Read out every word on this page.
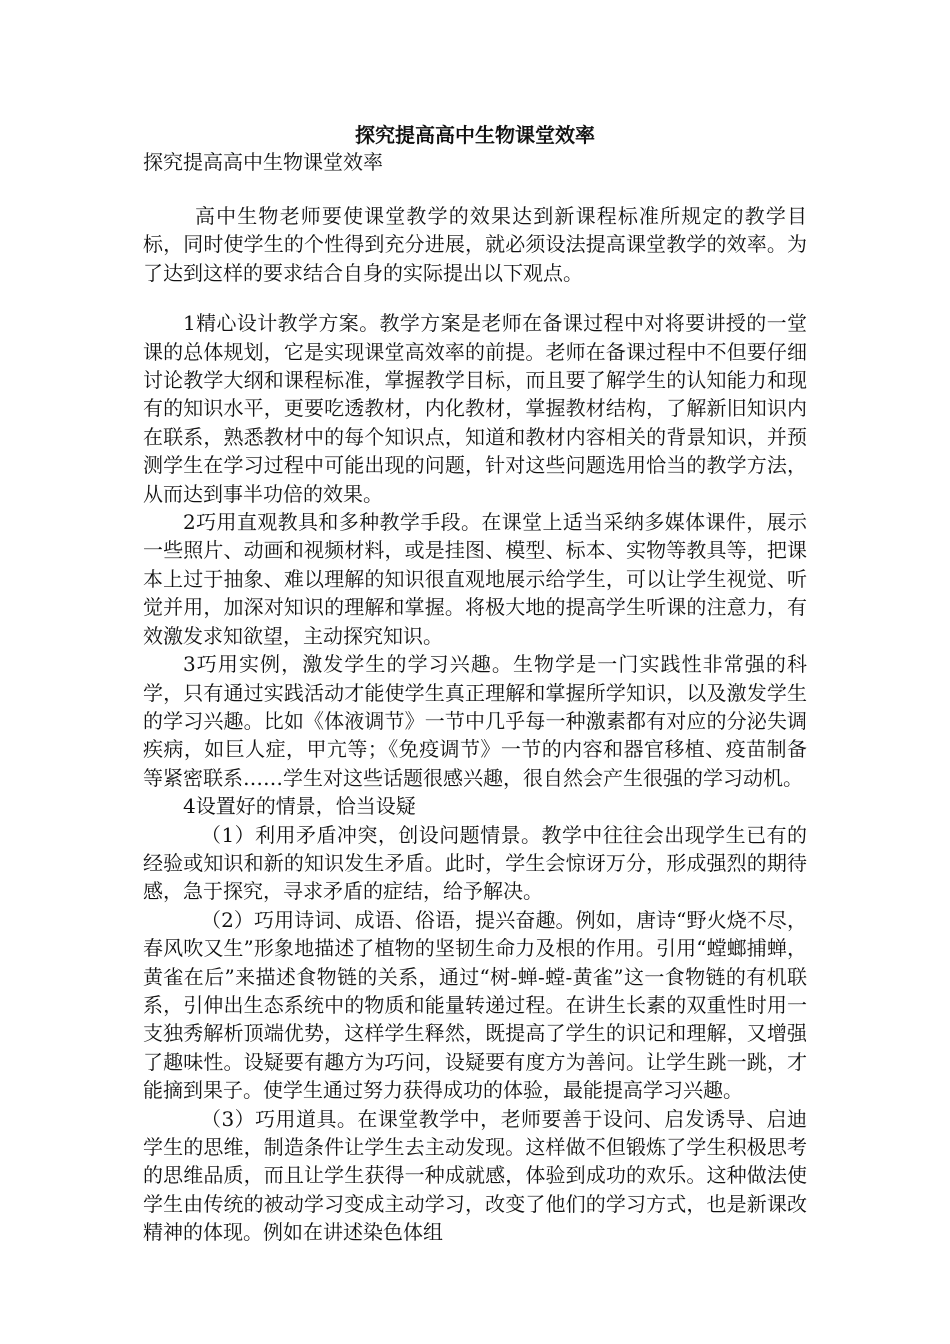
探究提高高中生物课堂效率

探究提高高中生物课堂效率

高中生物老师要使课堂教学的效果达到新课程标准所规定的教学目标，同时使学生的个性得到充分进展，就必须设法提高课堂教学的效率。为了达到这样的要求结合自身的实际提出以下观点。

1精心设计教学方案。教学方案是老师在备课过程中对将要讲授的一堂课的总体规划，它是实现课堂高效率的前提。老师在备课过程中不但要仔细讨论教学大纲和课程标准，掌握教学目标，而且要了解学生的认知能力和现有的知识水平，更要吃透教材，内化教材，掌握教材结构，了解新旧知识内在联系，熟悉教材中的每个知识点，知道和教材内容相关的背景知识，并预测学生在学习过程中可能出现的问题，针对这些问题选用恰当的教学方法，从而达到事半功倍的效果。

2巧用直观教具和多种教学手段。在课堂上适当采纳多媒体课件，展示一些照片、动画和视频材料，或是挂图、模型、标本、实物等教具等，把课本上过于抽象、难以理解的知识很直观地展示给学生，可以让学生视觉、听觉并用，加深对知识的理解和掌握。将极大地的提高学生听课的注意力，有效激发求知欲望，主动探究知识。

3巧用实例，激发学生的学习兴趣。生物学是一门实践性非常强的科学，只有通过实践活动才能使学生真正理解和掌握所学知识，以及激发学生的学习兴趣。比如《体液调节》一节中几乎每一种激素都有对应的分泌失调疾病，如巨人症，甲亢等；《免疫调节》一节的内容和器官移植、疫苗制备等紧密联系……学生对这些话题很感兴趣，很自然会产生很强的学习动机。

4设置好的情景，恰当设疑

（1）利用矛盾冲突，创设问题情景。教学中往往会出现学生已有的经验或知识和新的知识发生矛盾。此时，学生会惊讶万分，形成强烈的期待感，急于探究，寻求矛盾的症结，给予解决。

（2）巧用诗词、成语、俗语，提兴奋趣。例如，唐诗“野火烧不尽，春风吹又生”形象地描述了植物的坚韧生命力及根的作用。引用“螳螂捕蝉，黄雀在后”来描述食物链的关系，通过“树-蝉-螳-黄雀”这一食物链的有机联系，引伸出生态系统中的物质和能量转递过程。在讲生长素的双重性时用一支独秀解析顶端优势，这样学生释然，既提高了学生的识记和理解，又增强了趣味性。设疑要有趣方为巧问，设疑要有度方为善问。让学生跳一跳，才能摘到果子。使学生通过努力获得成功的体验，最能提高学习兴趣。

（3）巧用道具。在课堂教学中，老师要善于设问、启发诱导、启迪学生的思维，制造条件让学生去主动发现。这样做不但锻炼了学生积极思考的思维品质，而且让学生获得一种成就感，体验到成功的欢乐。这种做法使学生由传统的被动学习变成主动学习，改变了他们的学习方式，也是新课改精神的体现。例如在讲述染色体组
